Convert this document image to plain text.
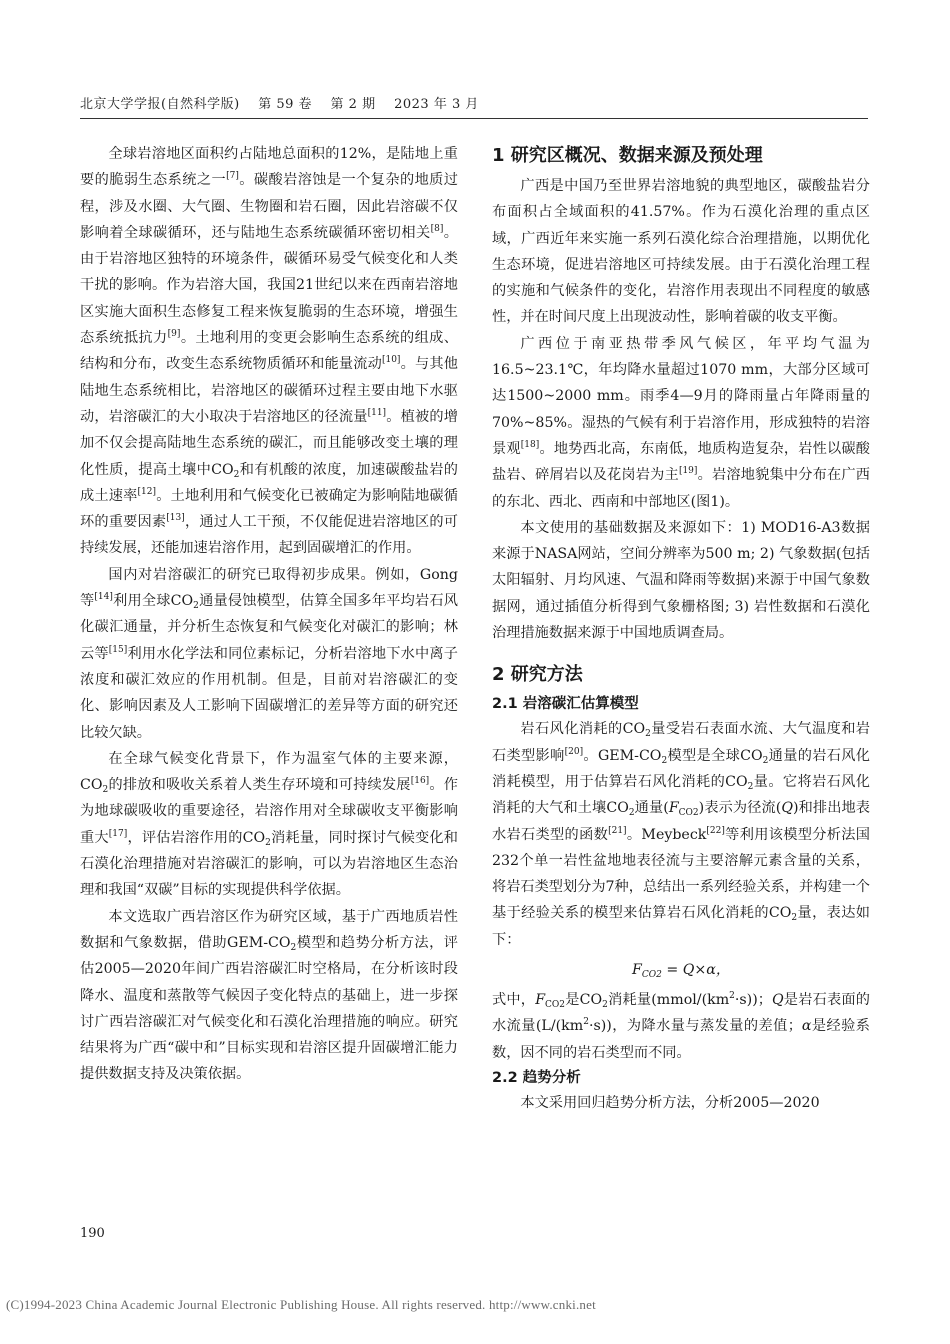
北京大学学报(自然科学版) 第 59 卷 第 2 期 2023 年 3 月

全球岩溶地区面积约占陆地总面积的12%，是陆地上重要的脆弱生态系统之一[7]。碳酸岩溶蚀是一个复杂的地质过程，涉及水圈、大气圈、生物圈和岩石圈，因此岩溶碳不仅影响着全球碳循环，还与陆地生态系统碳循环密切相关[8]。由于岩溶地区独特的环境条件，碳循环易受气候变化和人类干扰的影响。作为岩溶大国，我国21世纪以来在西南岩溶地区实施大面积生态修复工程来恢复脆弱的生态环境，增强生态系统抵抗力[9]。土地利用的变更会影响生态系统的组成、结构和分布，改变生态系统物质循环和能量流动[10]。与其他陆地生态系统相比，岩溶地区的碳循环过程主要由地下水驱动，岩溶碳汇的大小取决于岩溶地区的径流量[11]。植被的增加不仅会提高陆地生态系统的碳汇，而且能够改变土壤的理化性质，提高土壤中$CO_2$和有机酸的浓度，加速碳酸盐岩的成土速率[12]。土地利用和气候变化已被确定为影响陆地碳循环的重要因素[13]，通过人工干预，不仅能促进岩溶地区的可持续发展，还能加速岩溶作用，起到固碳增汇的作用。

国内对岩溶碳汇的研究已取得初步成果。例如，Gong等[14]利用全球$CO_2$通量侵蚀模型，估算全国多年平均岩石风化碳汇通量，并分析生态恢复和气候变化对碳汇的影响；林云等[15]利用水化学法和同位素标记，分析岩溶地下水中离子浓度和碳汇效应的作用机制。但是，目前对岩溶碳汇的变化、影响因素及人工影响下固碳增汇的差异等方面的研究还比较欠缺。

在全球气候变化背景下，作为温室气体的主要来源，$CO_2$的排放和吸收关系着人类生存环境和可持续发展[16]。作为地球碳吸收的重要途径，岩溶作用对全球碳收支平衡影响重大[17]，评估岩溶作用的$CO_2$消耗量，同时探讨气候变化和石漠化治理措施对岩溶碳汇的影响，可以为岩溶地区生态治理和我国“双碳”目标的实现提供科学依据。

本文选取广西岩溶区作为研究区域，基于广西地质岩性数据和气象数据，借助GEM-$CO_2$模型和趋势分析方法，评估2005—2020年间广西岩溶碳汇时空格局，在分析该时段降水、温度和蒸散等气候因子变化特点的基础上，进一步探讨广西岩溶碳汇对气候变化和石漠化治理措施的响应。研究结果将为广西“碳中和”目标实现和岩溶区提升固碳增汇能力提供数据支持及决策依据。

1 研究区概况、数据来源及预处理

广西是中国乃至世界岩溶地貌的典型地区，碳酸盐岩分布面积占全域面积的41.57%。作为石漠化治理的重点区域，广西近年来实施一系列石漠化综合治理措施，以期优化生态环境，促进岩溶地区可持续发展。由于石漠化治理工程的实施和气候条件的变化，岩溶作用表现出不同程度的敏感性，并在时间尺度上出现波动性，影响着碳的收支平衡。

广西位于南亚热带季风气候区，年平均气温为16.5~23.1℃，年均降水量超过1070 mm，大部分区域可达1500~2000 mm。雨季4—9月的降雨量占年降雨量的70%~85%。湿热的气候有利于岩溶作用，形成独特的岩溶景观[18]。地势西北高，东南低，地质构造复杂，岩性以碳酸盐岩、碎屑岩以及花岗岩为主[19]。岩溶地貌集中分布在广西的东北、西北、西南和中部地区(图1)。

本文使用的基础数据及来源如下：1) MOD16-A3数据来源于NASA网站，空间分辨率为500 m; 2) 气象数据(包括太阳辐射、月均风速、气温和降雨等数据)来源于中国气象数据网，通过插值分析得到气象栅格图; 3) 岩性数据和石漠化治理措施数据来源于中国地质调查局。

2 研究方法
2.1 岩溶碳汇估算模型

岩石风化消耗的$CO_2$量受岩石表面水流、大气温度和岩石类型影响[20]。GEM-$CO_2$模型是全球$CO_2$通量的岩石风化消耗模型，用于估算岩石风化消耗的$CO_2$量。它将岩石风化消耗的大气和土壤$CO_2$通量$(F_{CO2})$表示为径流(Q)和排出地表水岩石类型的函数[21]。Meybeck[22]等利用该模型分析法国232个单一岩性盆地地表径流与主要溶解元素含量的关系，将岩石类型划分为7种，总结出一系列经验关系，并构建一个基于经验关系的模型来估算岩石风化消耗的$CO_2$量，表达如下：

$F_{CO2} = Q\times\alpha$，

式中，$F_{CO2}$是$CO_2$消耗量$(mmol/(km^2\cdot s))$；Q是岩石表面的水流量$(L/(km^2\cdot s))$，为降水量与蒸发量的差值；α是经验系数，因不同的岩石类型而不同。

2.2 趋势分析

本文采用回归趋势分析方法，分析2005—2020

190
(C)1994-2023 China Academic Journal Electronic Publishing House. All rights reserved. http://www.cnki.net
